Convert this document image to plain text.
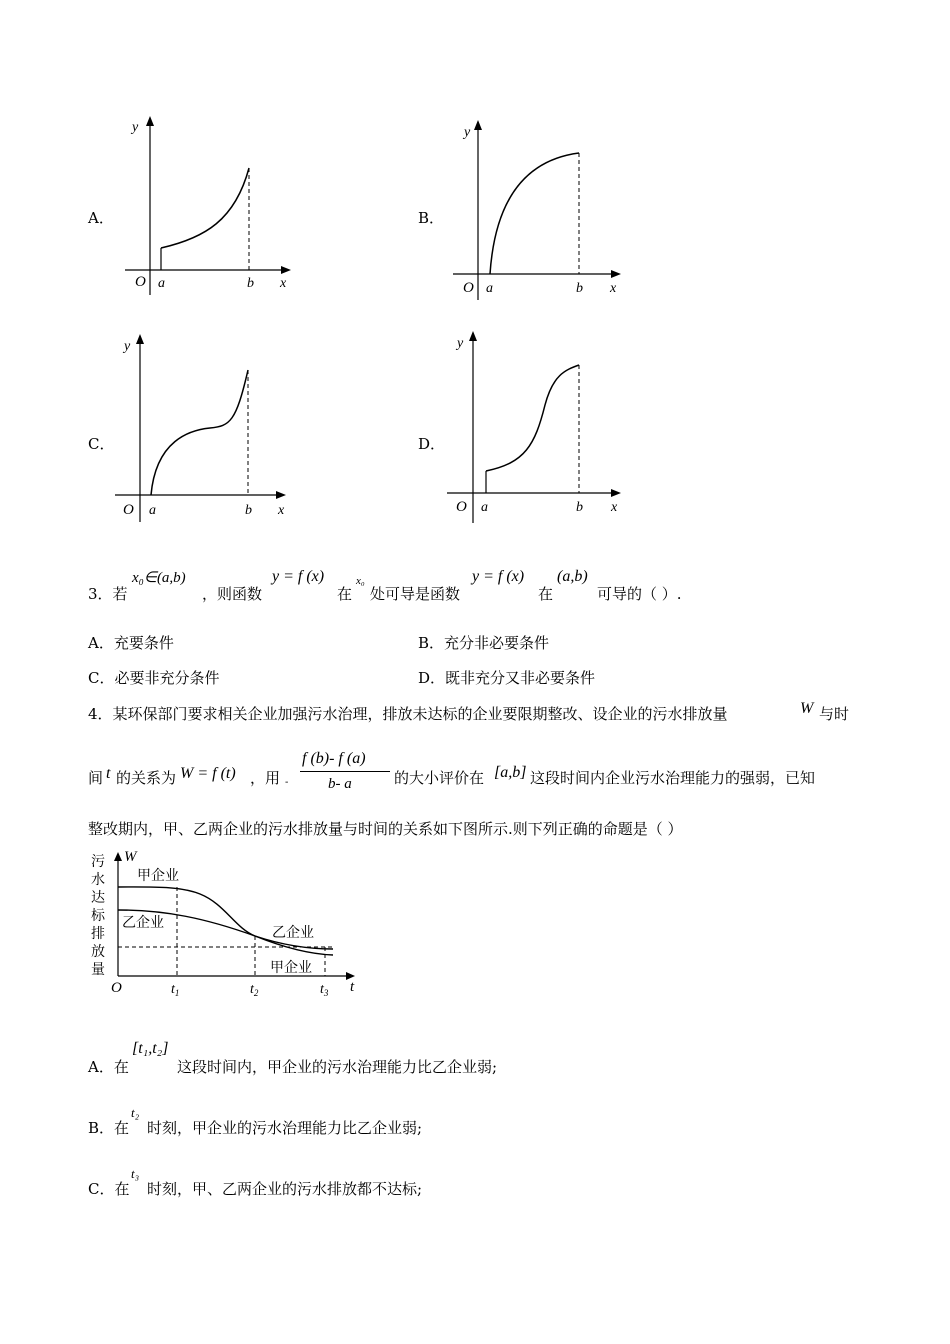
A．
y
O a	b x
B．
y
O a	b x
C．
y
O a	b x
D．
y
O a	b x
3．若
x₀∈(a,b)
，则函数
y = f (x)
在
x₀
处可导是函数
y = f (x)
在
(a,b)
可导的（ ）.
A．充要条件	B．充分非必要条件
C．必要非充分条件	D．既非充分又非必要条件
4．某环保部门要求相关企业加强污水治理，排放未达标的企业要限期整改、设企业的污水排放量	W 与时
间 t 的关系为 W = f (t) ，用 -
f (b)- f (a)
b- a	的大小评价在 [a,b] 这段时间内企业污水治理能力的强弱，已知
整改期内，甲、乙两企业的污水排放量与时间的关系如下图所示.则下列正确的命题是（ ）
污
水
达
标
排
放
量
W
t
O	$t_1$	$t_2$	$t_3$
甲企业
乙企业
乙企业
甲企业
A．在
[t₁,t₂]
这段时间内，甲企业的污水治理能力比乙企业弱;
B．在
t₂
时刻，甲企业的污水治理能力比乙企业弱;
C．在
t₃
时刻，甲、乙两企业的污水排放都不达标;
